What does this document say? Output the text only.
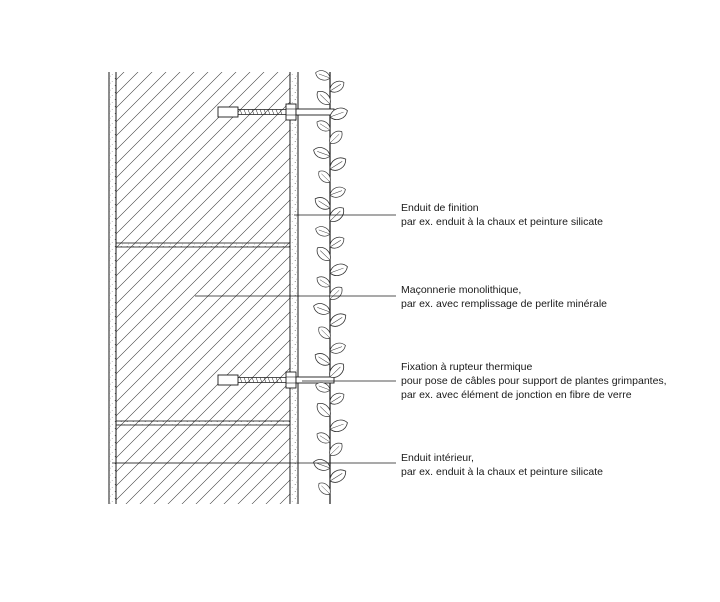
Enduit de finition
par ex. enduit à la chaux et peinture silicate
Maçonnerie monolithique,
par ex. avec remplissage de perlite minérale
Fixation à rupteur thermique
pour pose de câbles pour support de plantes grimpantes,
par ex. avec élément de jonction en fibre de verre
Enduit intérieur,
par ex. enduit à la chaux et peinture silicate
